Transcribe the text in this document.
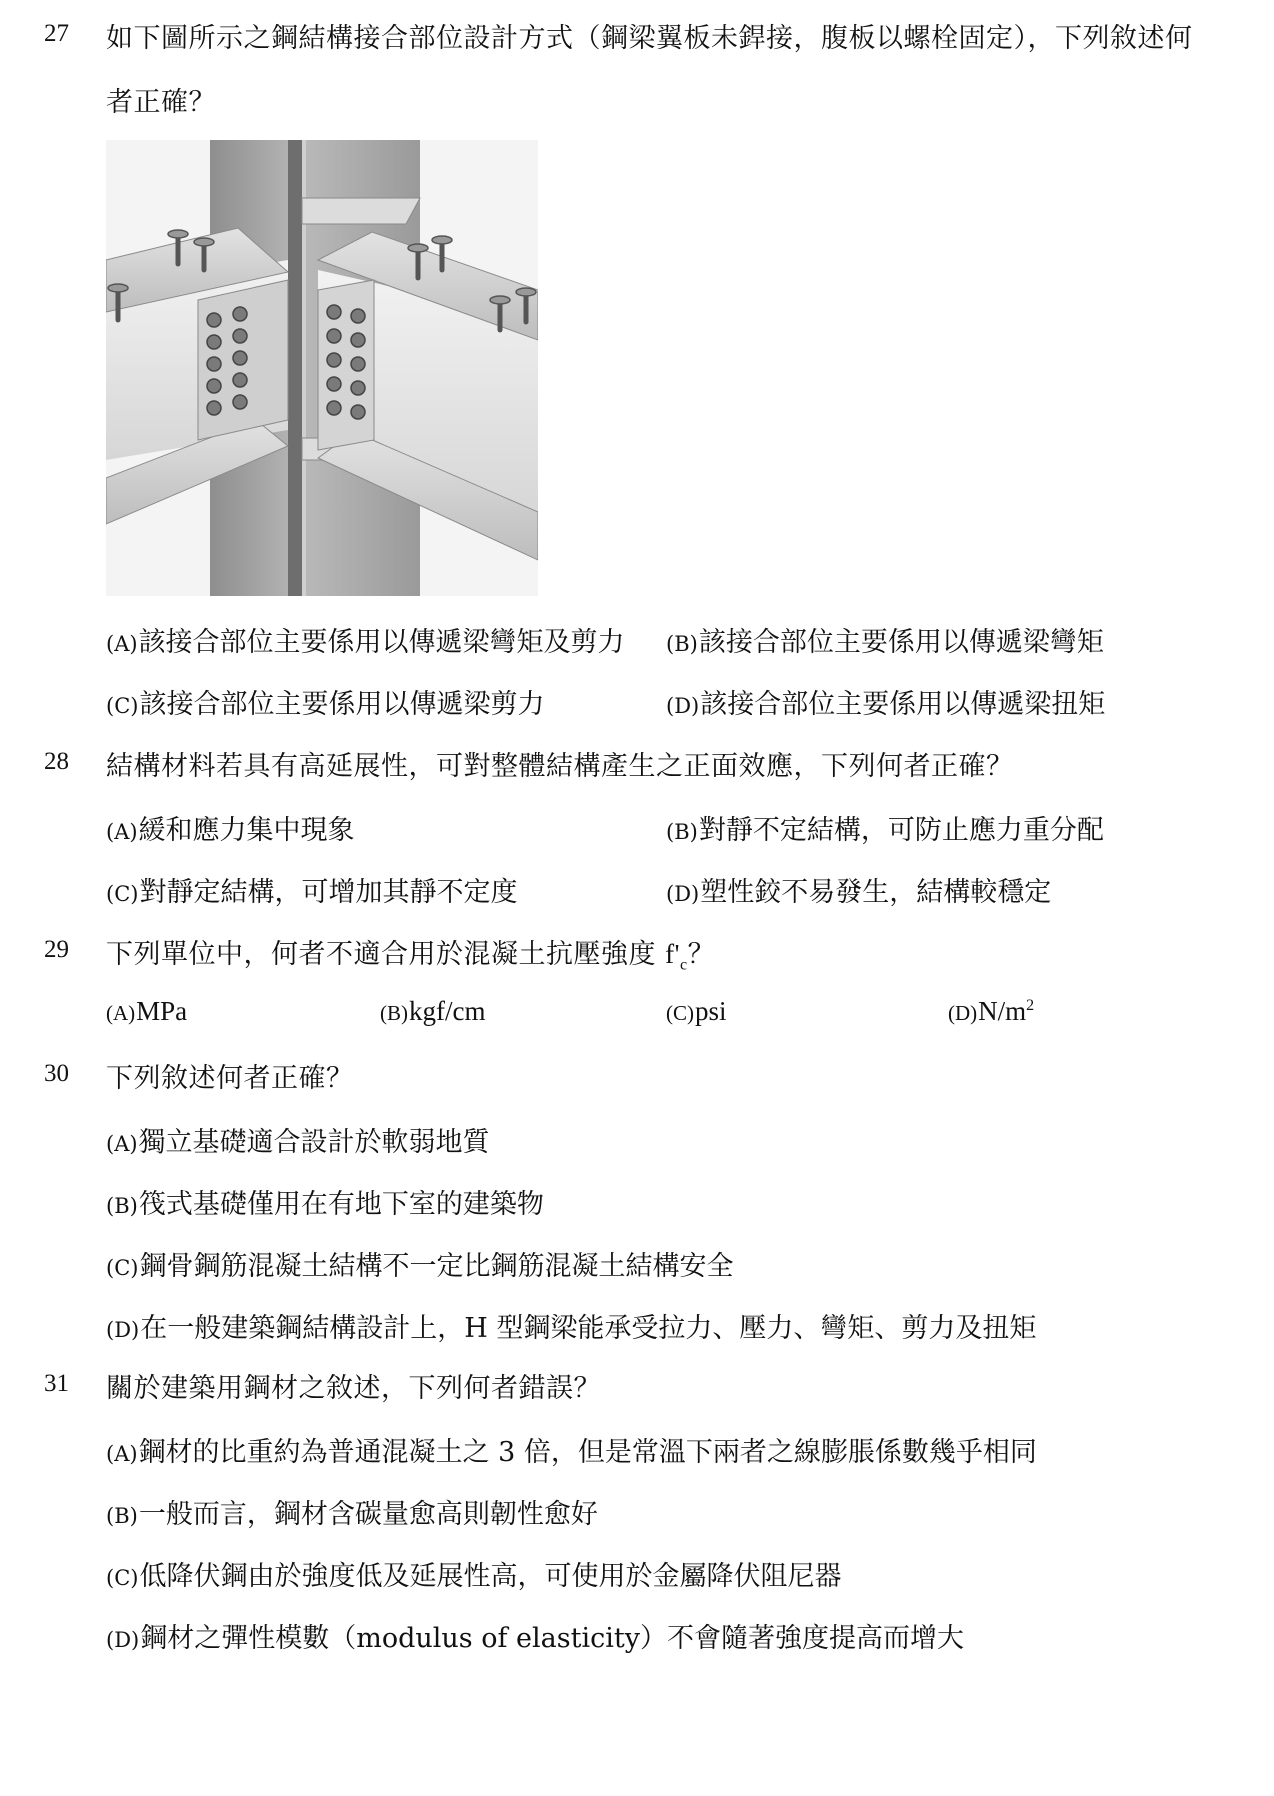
27 如下圖所示之鋼結構接合部位設計方式（鋼梁翼板未銲接，腹板以螺栓固定），下列敘述何
者正確？
(A)該接合部位主要係用以傳遞梁彎矩及剪力 (B)該接合部位主要係用以傳遞梁彎矩
(C)該接合部位主要係用以傳遞梁剪力	(D)該接合部位主要係用以傳遞梁扭矩
28 結構材料若具有高延展性，可對整體結構產生之正面效應，下列何者正確？
(A)緩和應力集中現象	(B)對靜不定結構，可防止應力重分配
(C)對靜定結構，可增加其靜不定度	(D)塑性鉸不易發生，結構較穩定
29 下列單位中，何者不適合用於混凝土抗壓強度 $f'_c$？
(A)MPa	(B)kgf/cm	(C)psi	$(D)N/m^2$
30 下列敘述何者正確？
(A)獨立基礎適合設計於軟弱地質
(B)筏式基礎僅用在有地下室的建築物
(C)鋼骨鋼筋混凝土結構不一定比鋼筋混凝土結構安全
(D)在一般建築鋼結構設計上，H 型鋼梁能承受拉力、壓力、彎矩、剪力及扭矩
31 關於建築用鋼材之敘述，下列何者錯誤？
(A)鋼材的比重約為普通混凝土之 3 倍，但是常溫下兩者之線膨脹係數幾乎相同
(B)一般而言，鋼材含碳量愈高則韌性愈好
(C)低降伏鋼由於強度低及延展性高，可使用於金屬降伏阻尼器
(D)鋼材之彈性模數（modulus of elasticity）不會隨著強度提高而增大
